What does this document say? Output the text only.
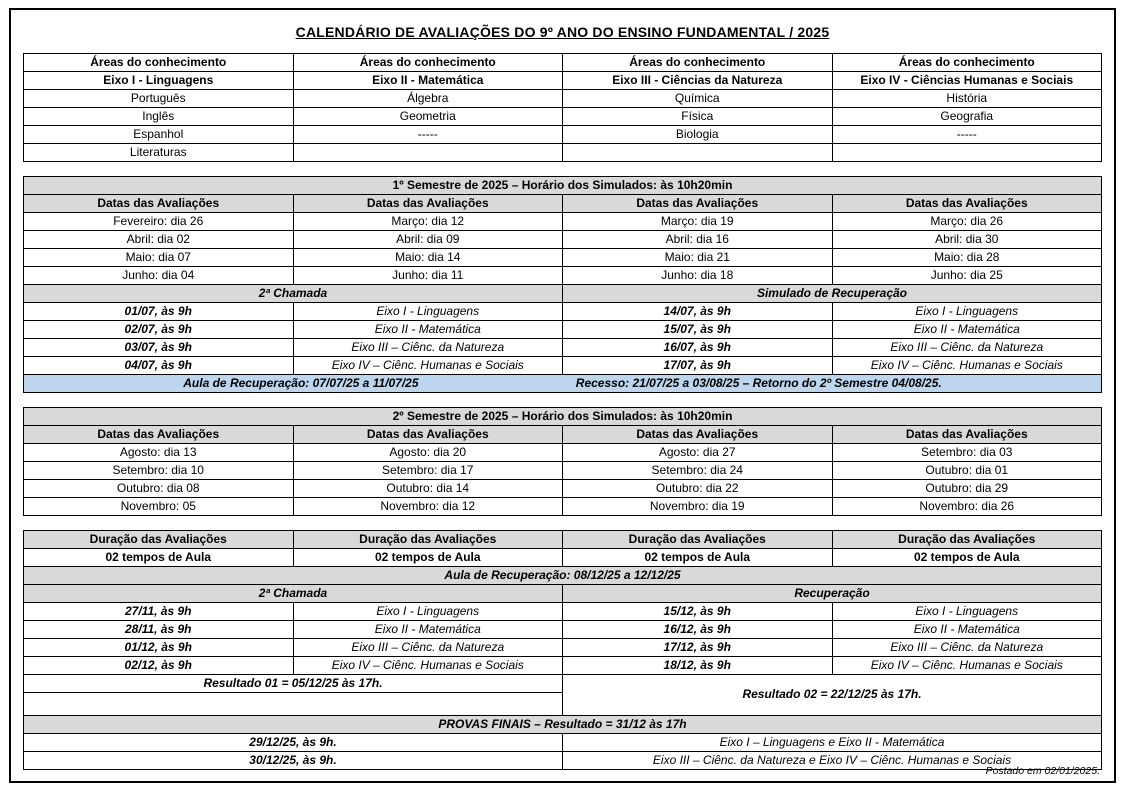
CALENDÁRIO DE AVALIAÇÕES DO 9º ANO DO ENSINO FUNDAMENTAL / 2025
Áreas do conhecimento	Áreas do conhecimento	Áreas do conhecimento	Áreas do conhecimento
Eixo I - Linguagens	Eixo II - Matemática	Eixo III - Ciências da Natureza	Eixo IV - Ciências Humanas e Sociais
Português	Álgebra	Química	História
Inglês	Geometria	Física	Geografia
Espanhol	-----	Biologia	-----
Literaturas			
1º Semestre de 2025 – Horário dos Simulados: às 10h20min			
Datas das Avaliações	Datas das Avaliações	Datas das Avaliações	Datas das Avaliações
Fevereiro: dia 26	Março: dia 12	Março: dia 19	Março: dia 26
Abril: dia 02	Abril: dia 09	Abril: dia 16	Abril: dia 30
Maio: dia 07	Maio: dia 14	Maio: dia 21	Maio: dia 28
Junho: dia 04	Junho: dia 11	Junho: dia 18	Junho: dia 25
2ª Chamada		Simulado de Recuperação	
01/07, às 9h	Eixo I - Linguagens	14/07, às 9h	Eixo I - Linguagens
02/07, às 9h	Eixo II - Matemática	15/07, às 9h	Eixo II - Matemática
03/07, às 9h	Eixo III – Ciênc. da Natureza	16/07, às 9h	Eixo III – Ciênc. da Natureza
04/07, às 9h	Eixo IV – Ciênc. Humanas e Sociais	17/07, às 9h	Eixo IV – Ciênc. Humanas e Sociais

Aula de Recuperação: 07/07/25 a 11/07/25 Recesso: 21/07/25 a 03/08/25 – Retorno do 2º Semestre 04/08/25.			
2º Semestre de 2025 – Horário dos Simulados: às 10h20min			
Datas das Avaliações	Datas das Avaliações	Datas das Avaliações	Datas das Avaliações
Agosto: dia 13	Agosto: dia 20	Agosto: dia 27	Setembro: dia 03
Setembro: dia 10	Setembro: dia 17	Setembro: dia 24	Outubro: dia 01
Outubro: dia 08	Outubro: dia 14	Outubro: dia 22	Outubro: dia 29
Novembro: 05	Novembro: dia 12	Novembro: dia 19	Novembro: dia 26
Duração das Avaliações	Duração das Avaliações	Duração das Avaliações	Duração das Avaliações
02 tempos de Aula	02 tempos de Aula	02 tempos de Aula	02 tempos de Aula
Aula de Recuperação: 08/12/25 a 12/12/25			
2ª Chamada		Recuperação	
27/11, às 9h	Eixo I - Linguagens	15/12, às 9h	Eixo I - Linguagens
28/11, às 9h	Eixo II - Matemática	16/12, às 9h	Eixo II - Matemática
01/12, às 9h	Eixo III – Ciênc. da Natureza	17/12, às 9h	Eixo III – Ciênc. da Natureza
02/12, às 9h	Eixo IV – Ciênc. Humanas e Sociais	18/12, às 9h	Eixo IV – Ciênc. Humanas e Sociais
Resultado 01 = 05/12/25 às 17h.		Resultado 02 = 22/12/25 às 17h.	

PROVAS FINAIS – Resultado = 31/12 às 17h			
29/12/25, às 9h.		Eixo I – Linguagens e Eixo II - Matemática	
30/12/25, às 9h.		Eixo III – Ciênc. da Natureza e Eixo IV – Ciênc. Humanas e Sociais	
Postado em 02/01/2025.
